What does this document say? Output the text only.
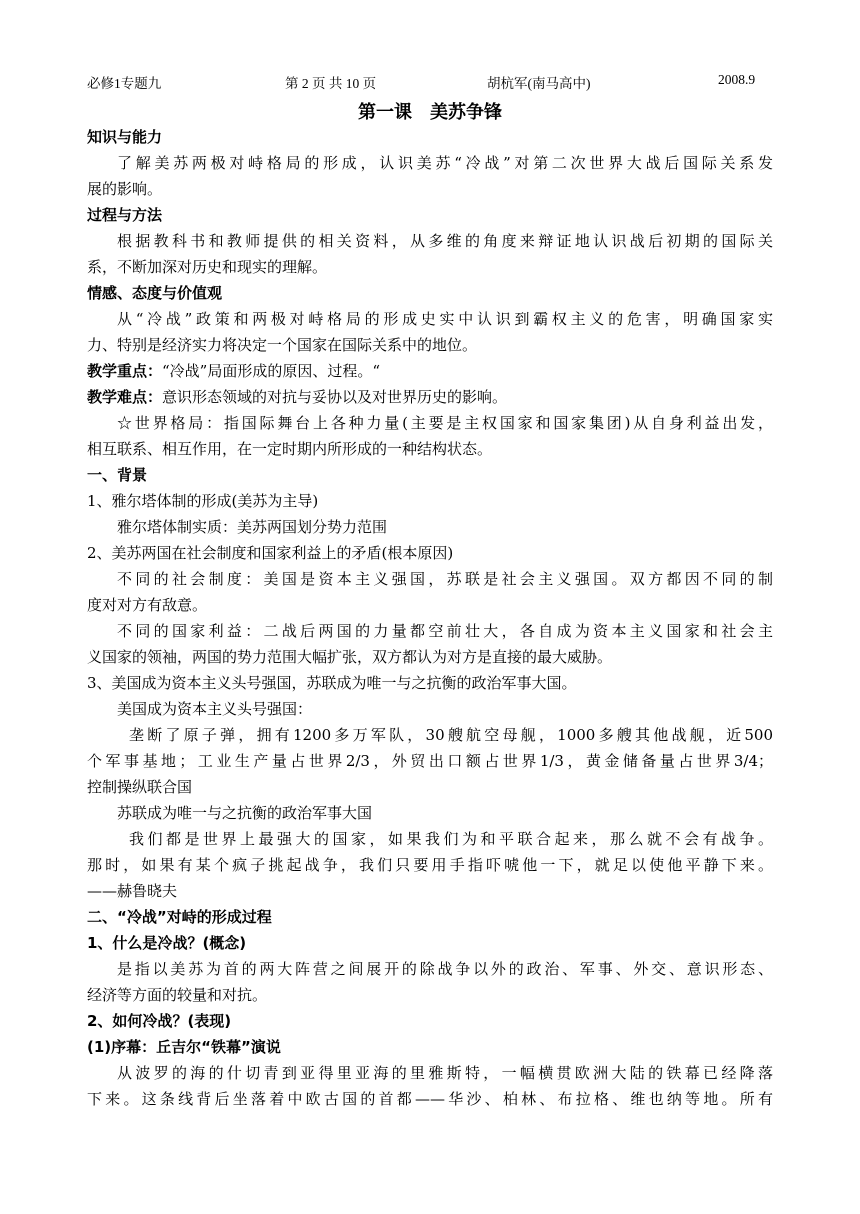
必修1专题九	第 2 页 共 10 页	胡杭军(南马高中)	2008.9
第一课　美苏争锋
知识与能力
了解美苏两极对峙格局的形成，认识美苏“冷战”对第二次世界大战后国际关系发
展的影响。
过程与方法
根据教科书和教师提供的相关资料，从多维的角度来辩证地认识战后初期的国际关
系，不断加深对历史和现实的理解。
情感、态度与价值观
从“冷战”政策和两极对峙格局的形成史实中认识到霸权主义的危害，明确国家实
力、特别是经济实力将决定一个国家在国际关系中的地位。
教学重点：“冷战”局面形成的原因、过程。“
教学难点：意识形态领域的对抗与妥协以及对世界历史的影响。
☆世界格局：指国际舞台上各种力量(主要是主权国家和国家集团)从自身利益出发，
相互联系、相互作用，在一定时期内所形成的一种结构状态。
一、背景
1、雅尔塔体制的形成(美苏为主导)
雅尔塔体制实质：美苏两国划分势力范围
2、美苏两国在社会制度和国家利益上的矛盾(根本原因)
不同的社会制度：美国是资本主义强国，苏联是社会主义强国。双方都因不同的制
度对对方有敌意。
不同的国家利益：二战后两国的力量都空前壮大，各自成为资本主义国家和社会主
义国家的领袖，两国的势力范围大幅扩张，双方都认为对方是直接的最大威胁。
3、美国成为资本主义头号强国，苏联成为唯一与之抗衡的政治军事大国。
美国成为资本主义头号强国：
垄断了原子弹，拥有1200多万军队，30艘航空母舰，1000多艘其他战舰，近500
个军事基地；工业生产量占世界2/3，外贸出口额占世界1/3，黄金储备量占世界3/4；
控制操纵联合国
苏联成为唯一与之抗衡的政治军事大国
我们都是世界上最强大的国家，如果我们为和平联合起来，那么就不会有战争。
那时，如果有某个疯子挑起战争，我们只要用手指吓唬他一下，就足以使他平静下来。
——赫鲁晓夫
二、“冷战”对峙的形成过程
1、什么是冷战？(概念)
是指以美苏为首的两大阵营之间展开的除战争以外的政治、军事、外交、意识形态、
经济等方面的较量和对抗。
2、如何冷战？(表现)
(1)序幕：丘吉尔“铁幕”演说
从波罗的海的什切青到亚得里亚海的里雅斯特，一幅横贯欧洲大陆的铁幕已经降落
下来。这条线背后坐落着中欧古国的首都——华沙、柏林、布拉格、维也纳等地。所有
